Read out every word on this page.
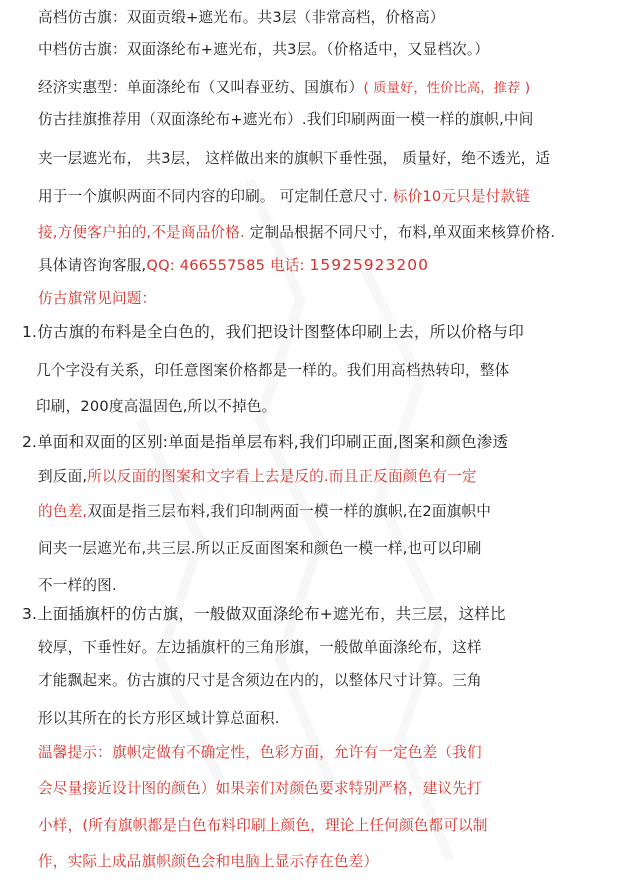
高档仿古旗：双面贡缎+遮光布。共3层（非常高档，价格高）
中档仿古旗：双面涤纶布+遮光布，共3层。（价格适中，又显档次。）
经济实惠型：单面涤纶布（又叫春亚纺、国旗布）( 质量好，性价比高，推荐 )
仿古挂旗推荐用（双面涤纶布+遮光布）.我们印刷两面一模一样的旗帜,中间
夹一层遮光布， 共3层， 这样做出来的旗帜下垂性强， 质量好，绝不透光，适
用于一个旗帜两面不同内容的印刷。 可定制任意尺寸. 标价10元只是付款链
接,方便客户拍的,不是商品价格. 定制品根据不同尺寸，布料,单双面来核算价格.
具体请咨询客服,QQ: 466557585 电话: 15925923200
仿古旗常见问题：
1.仿古旗的布料是全白色的，我们把设计图整体印刷上去，所以价格与印
几个字没有关系，印任意图案价格都是一样的。我们用高档热转印，整体
印刷，200度高温固色,所以不掉色。
2.单面和双面的区别:单面是指单层布料,我们印刷正面,图案和颜色渗透
到反面,所以反面的图案和文字看上去是反的.而且正反面颜色有一定
的色差,双面是指三层布料,我们印制两面一模一样的旗帜,在2面旗帜中
间夹一层遮光布,共三层.所以正反面图案和颜色一模一样,也可以印刷
不一样的图.
3.上面插旗杆的仿古旗，一般做双面涤纶布+遮光布，共三层，这样比
较厚，下垂性好。左边插旗杆的三角形旗，一般做单面涤纶布，这样
才能飘起来。仿古旗的尺寸是含须边在内的，以整体尺寸计算。三角
形以其所在的长方形区域计算总面积.
温馨提示：旗帜定做有不确定性，色彩方面，允许有一定色差（我们
会尽量接近设计图的颜色）如果亲们对颜色要求特别严格，建议先打
小样，(所有旗帜都是白色布料印刷上颜色，理论上任何颜色都可以制
作，实际上成品旗帜颜色会和电脑上显示存在色差）
